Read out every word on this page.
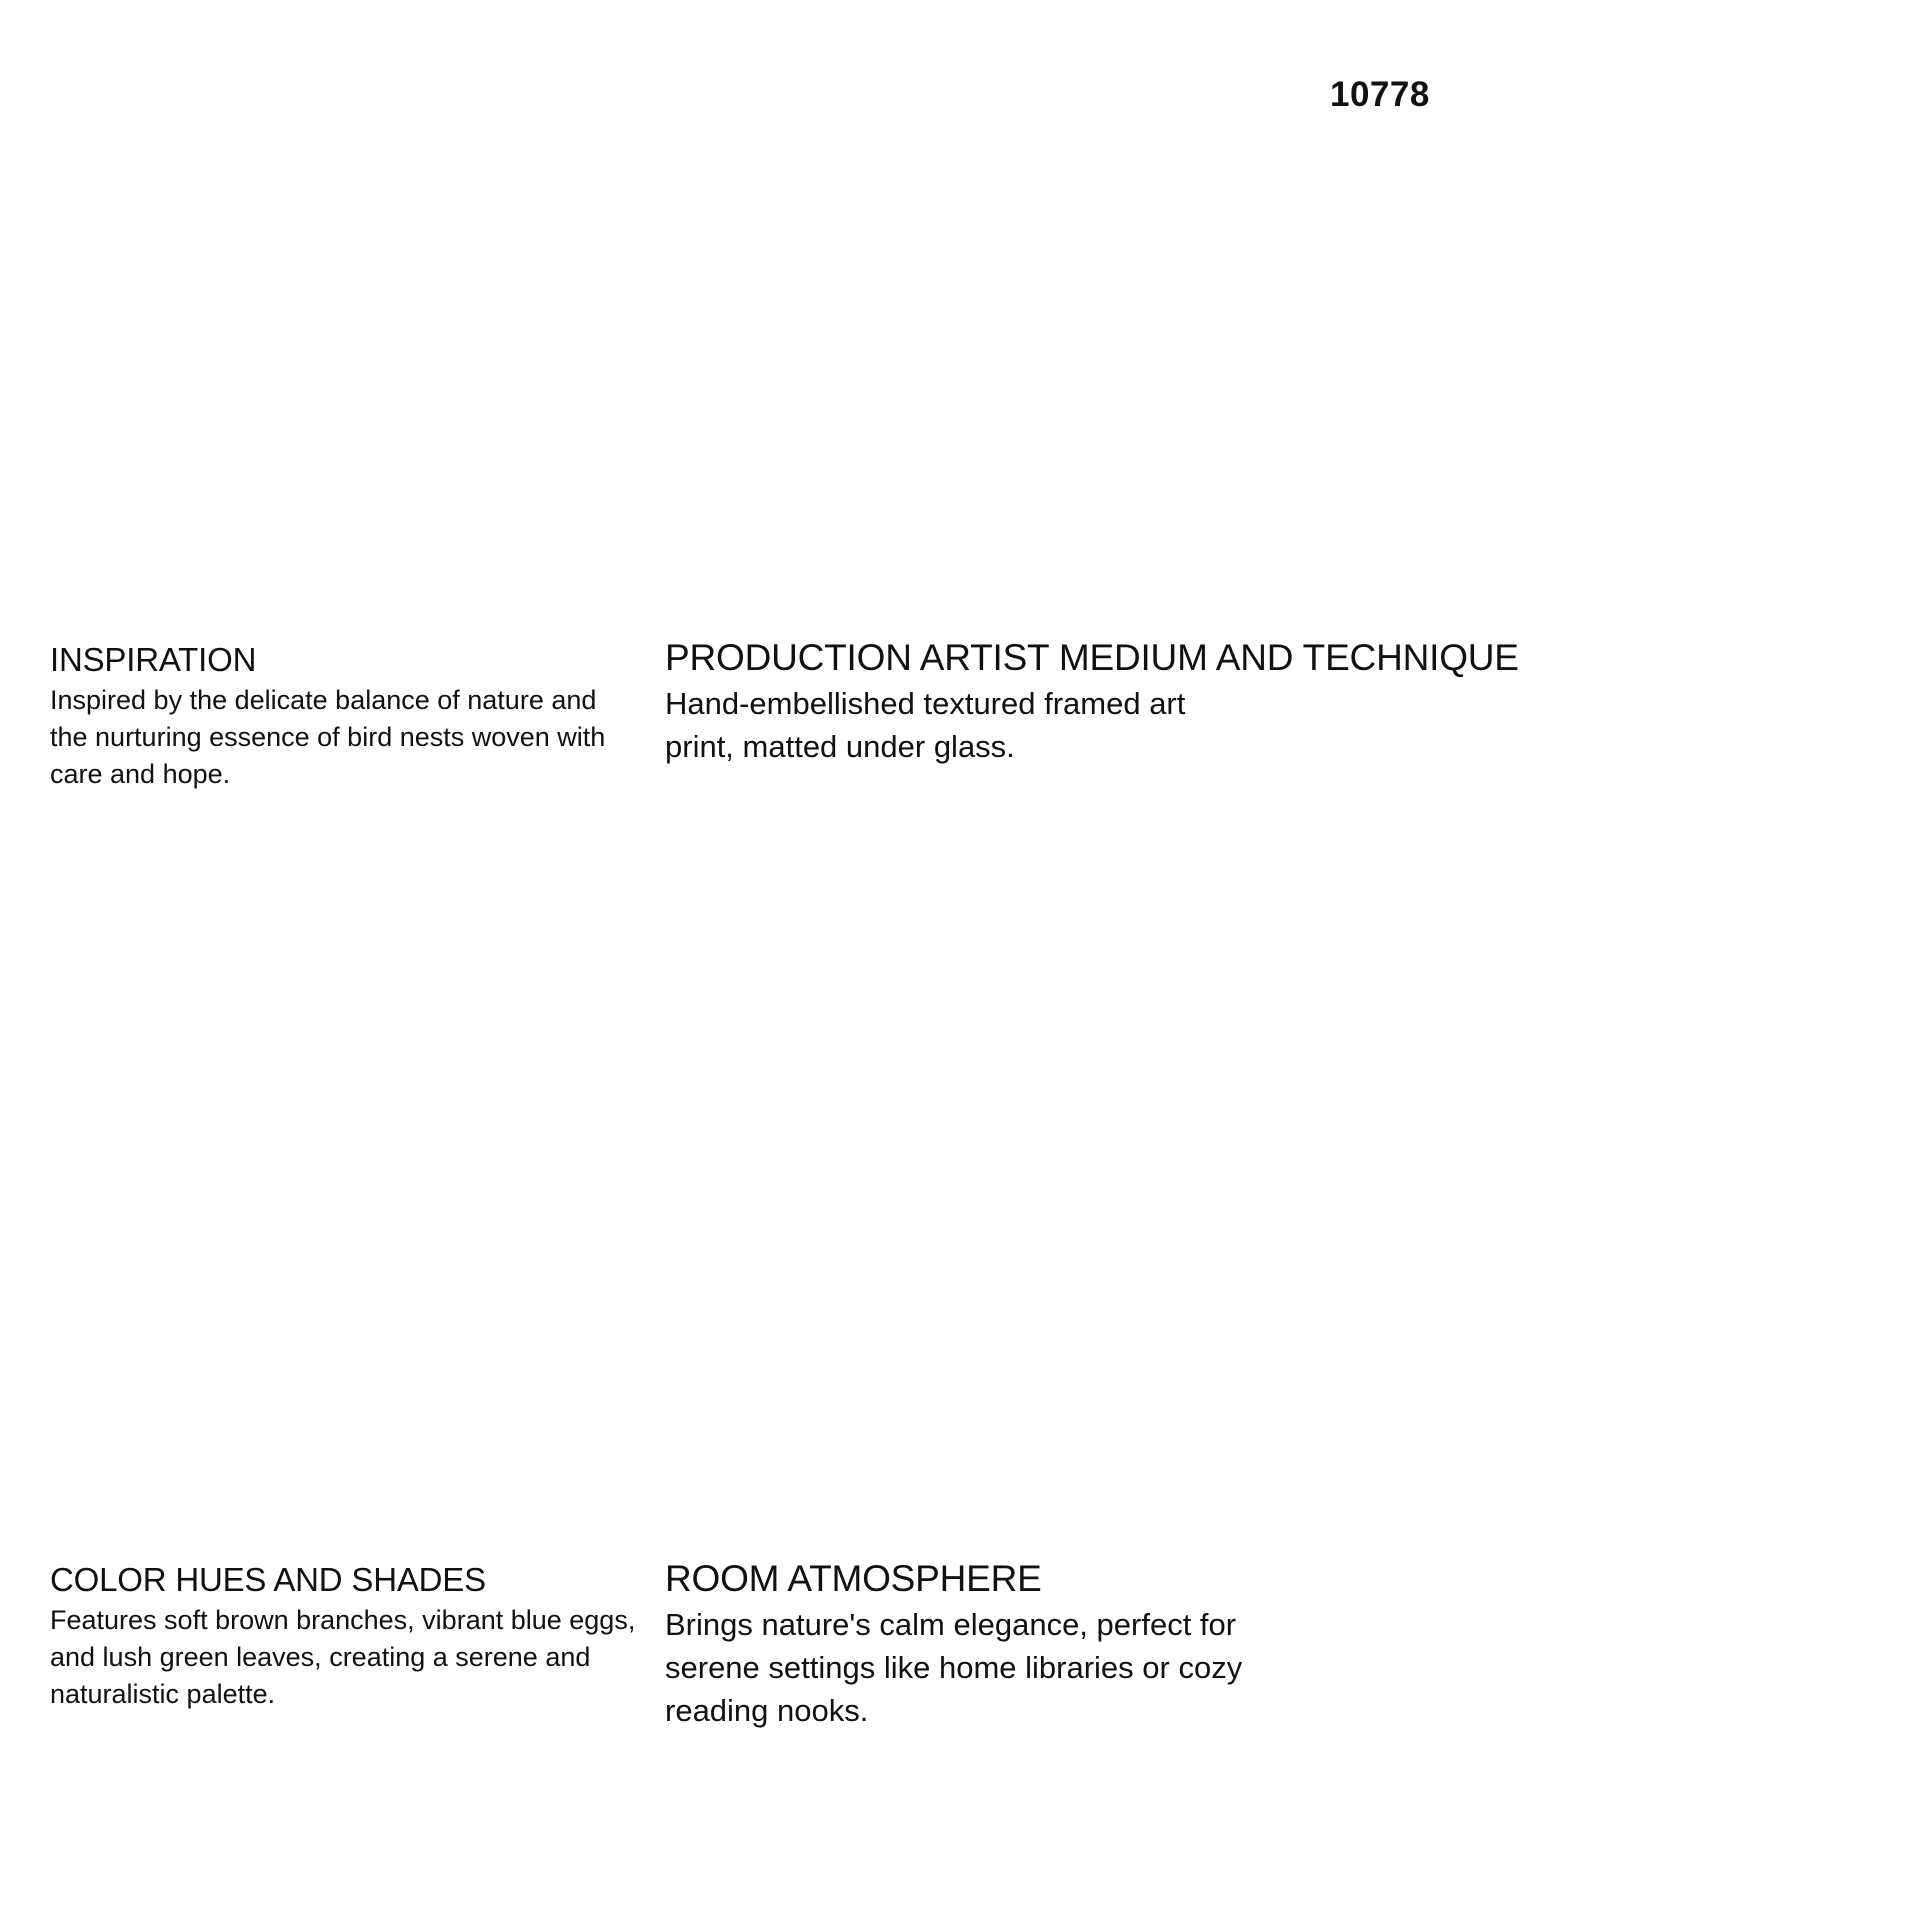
10778
INSPIRATION

Inspired by the delicate balance of nature and the nurturing essence of bird nests woven with care and hope.

PRODUCTION ARTIST MEDIUM AND TECHNIQUE

Hand-embellished textured framed art print, matted under glass.

COLOR HUES AND SHADES

Features soft brown branches, vibrant blue eggs, and lush green leaves, creating a serene and naturalistic palette.

ROOM ATMOSPHERE

Brings nature's calm elegance, perfect for serene settings like home libraries or cozy reading nooks.
